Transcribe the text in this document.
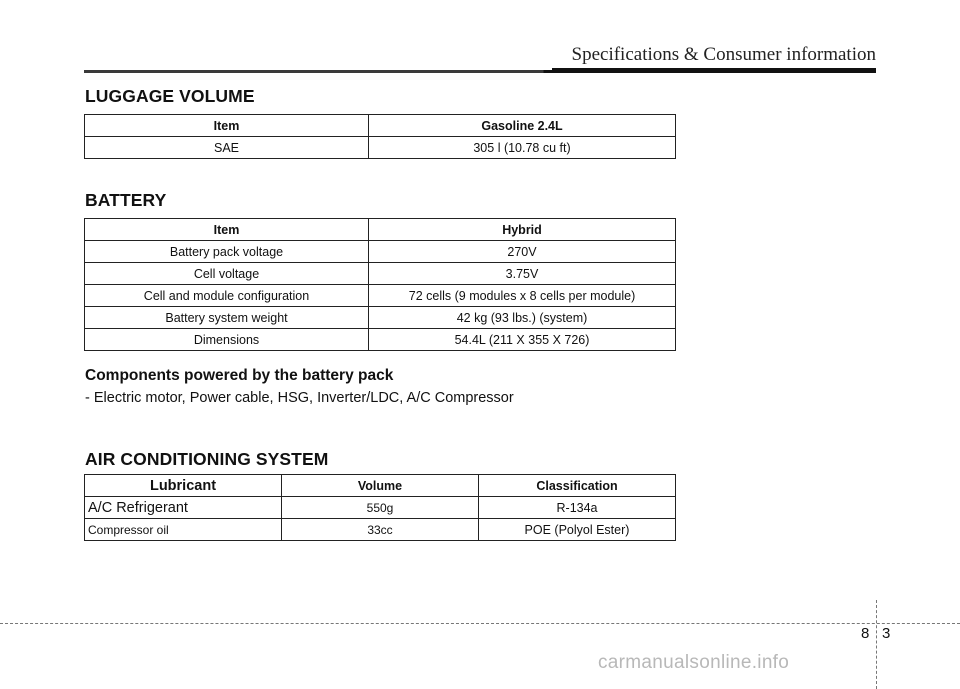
Specifications & Consumer information
LUGGAGE VOLUME
Item	Gasoline 2.4L
SAE	305 l (10.78 cu ft)
BATTERY
Item	Hybrid
Battery pack voltage	270V
Cell voltage	3.75V
Cell and module configuration	72 cells (9 modules x 8 cells per module)
Battery system weight	42 kg (93 lbs.) (system)
Dimensions	54.4L (211 X 355 X 726)

Components powered by the battery pack

- Electric motor, Power cable, HSG, Inverter/LDC, A/C Compressor

AIR CONDITIONING SYSTEM
Lubricant	Volume	Classification
A/C Refrigerant	550g	R-134a
Compressor oil	33cc	POE (Polyol Ester)
8 3
carmanualsonline.info
